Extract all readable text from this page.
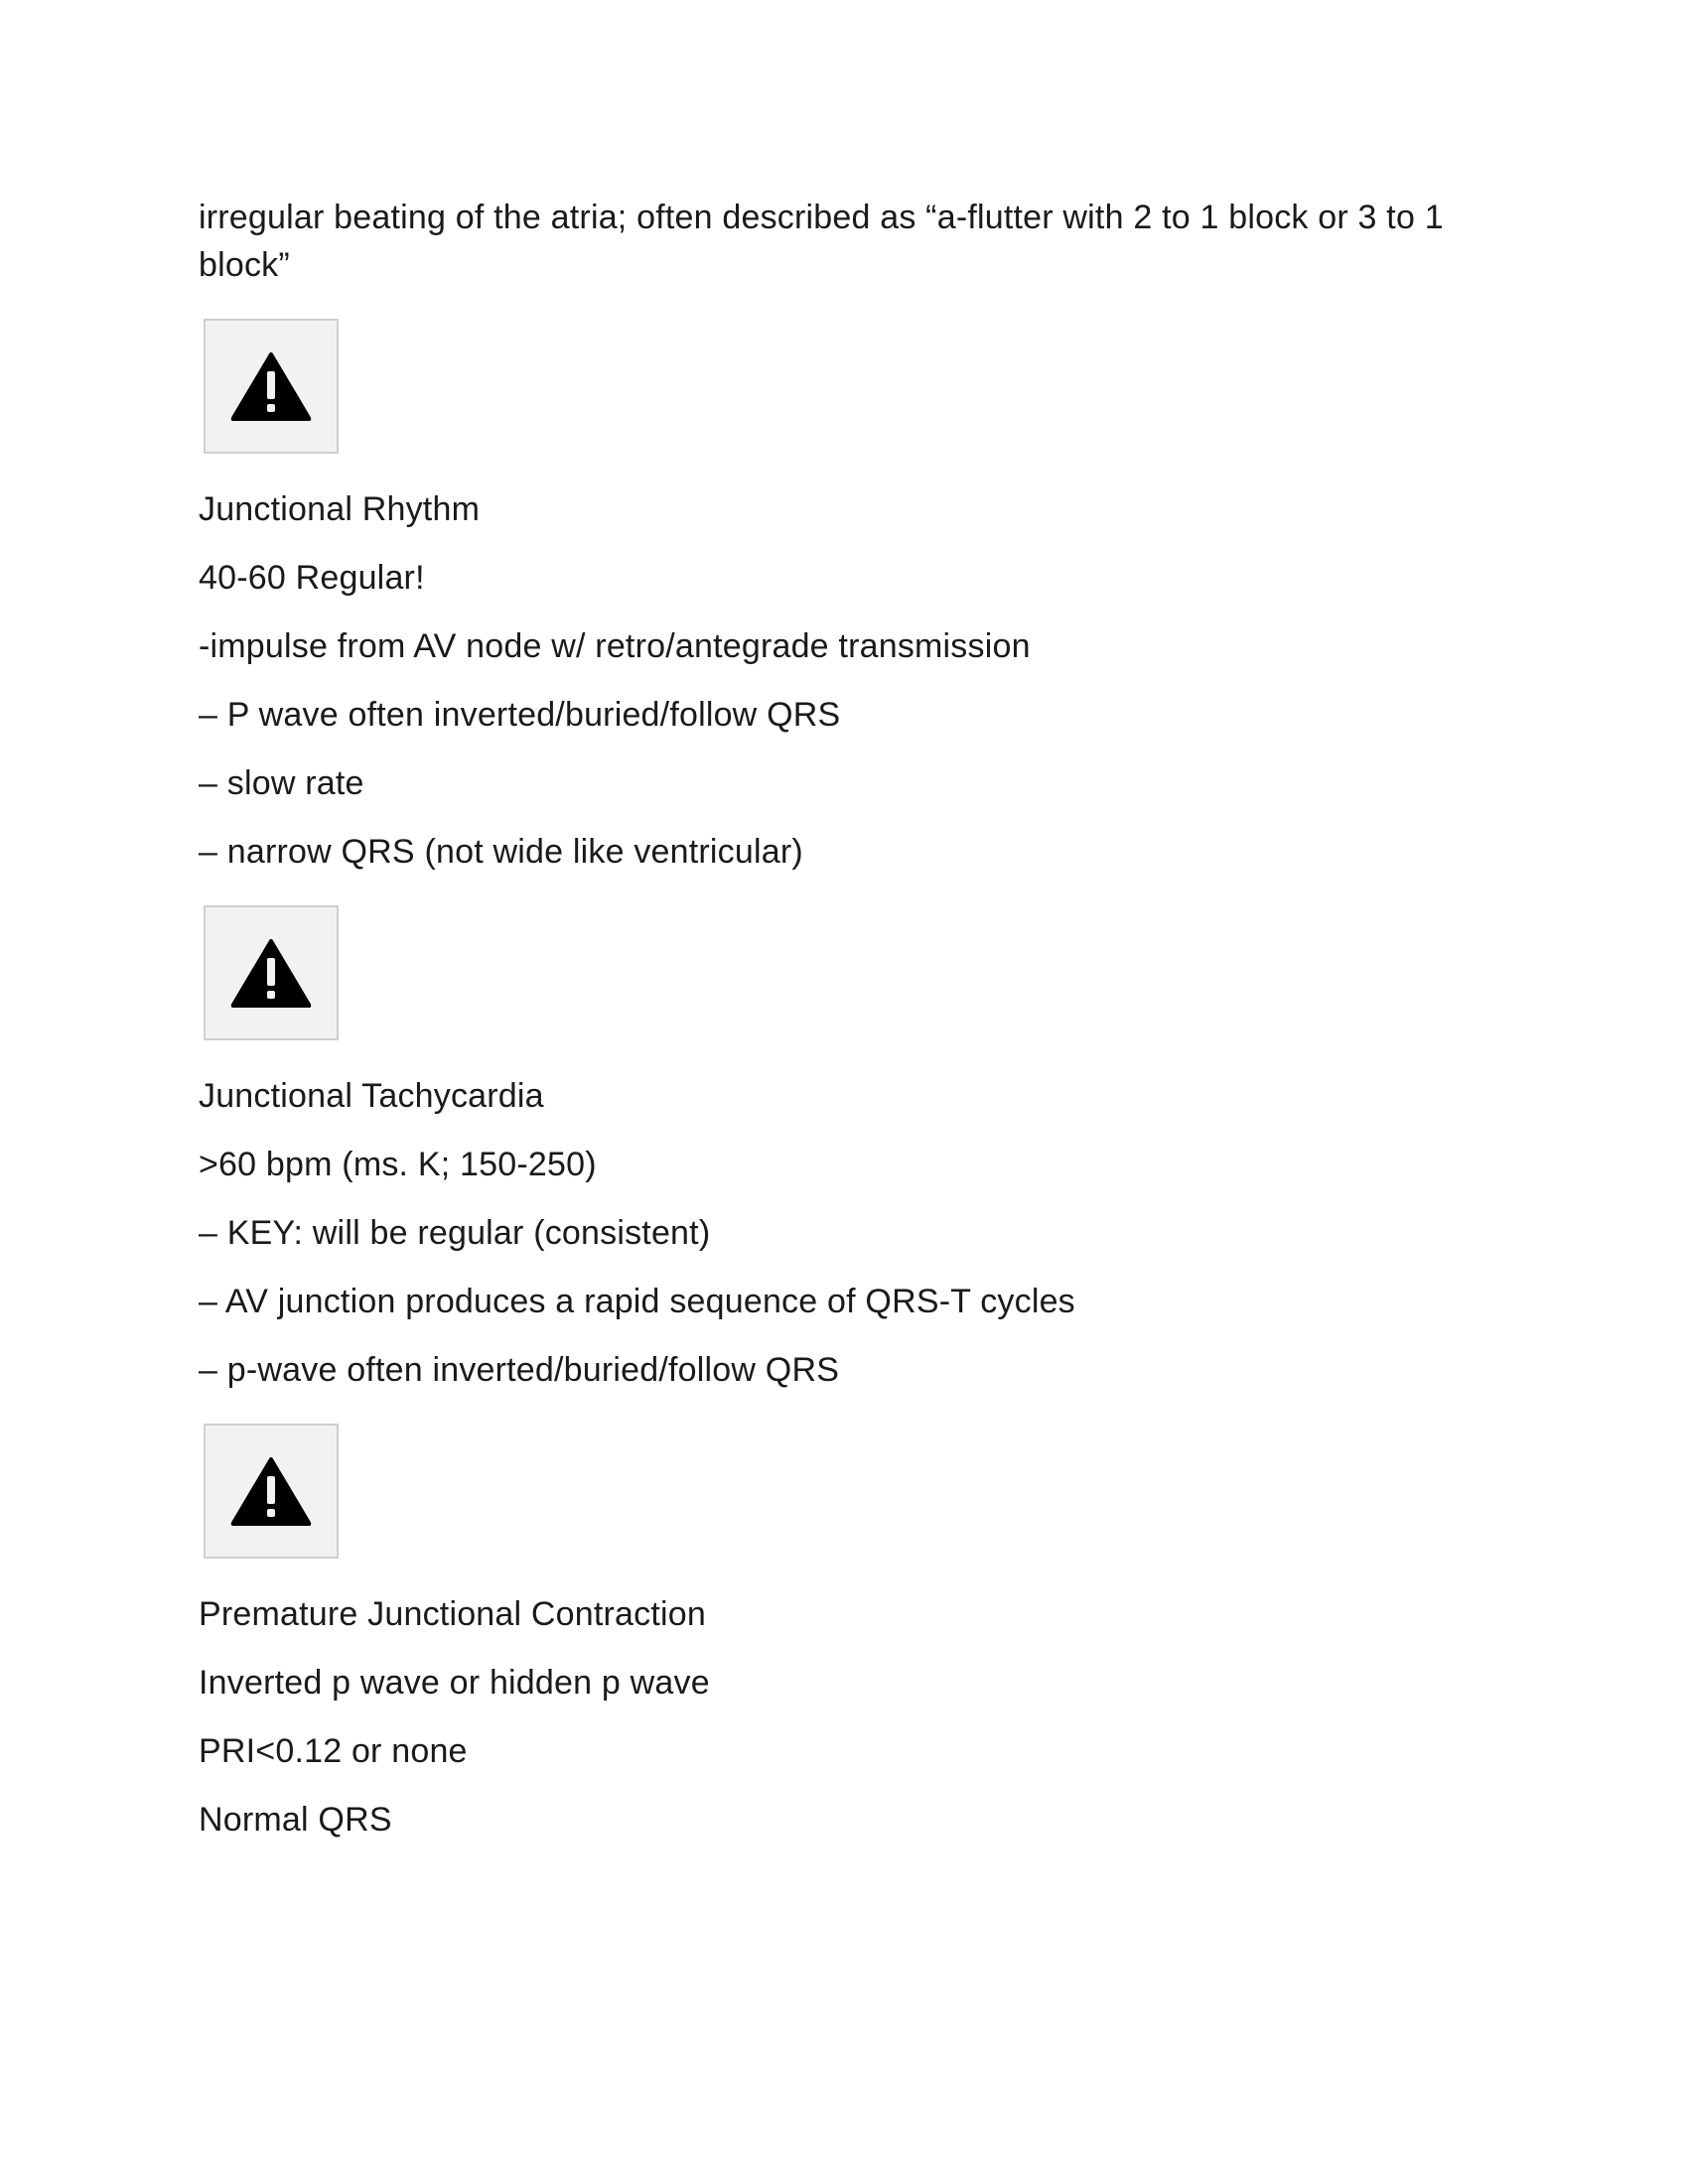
irregular beating of the atria; often described as “a-flutter with 2 to 1 block or 3 to 1 block”

Junctional Rhythm

40-60 Regular!

-impulse from AV node w/ retro/antegrade transmission

– P wave often inverted/buried/follow QRS

– slow rate

– narrow QRS (not wide like ventricular)

Junctional Tachycardia

>60 bpm (ms. K; 150-250)

– KEY: will be regular (consistent)

– AV junction produces a rapid sequence of QRS-T cycles

– p-wave often inverted/buried/follow QRS

Premature Junctional Contraction

Inverted p wave or hidden p wave

PRI<0.12 or none

Normal QRS
